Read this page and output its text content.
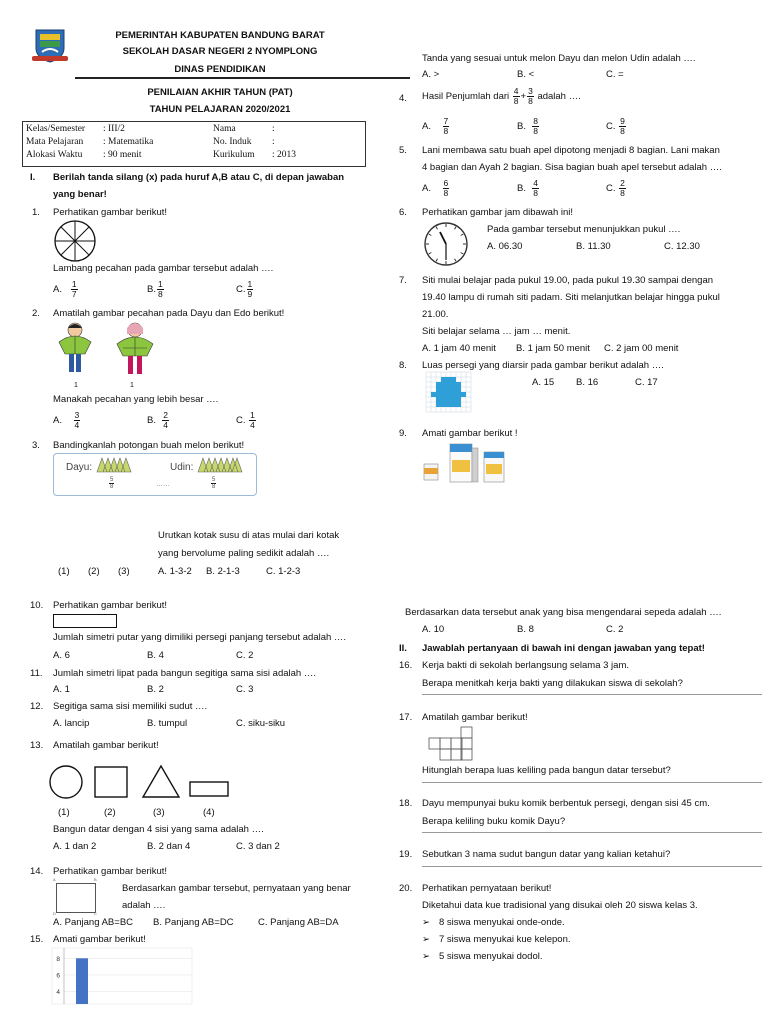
PEMERINTAH KABUPATEN BANDUNG BARAT
SEKOLAH DASAR NEGERI 2 NYOMPLONG
DINAS PENDIDIKAN
PENILAIAN AKHIR TAHUN (PAT)
TAHUN PELAJARAN 2020/2021
Kelas/Semester : III/2
Mata Pelajaran : Matematika
Alokasi Waktu : 90 menit
Nama	:
No. Induk :
Kurikulum : 2013
I. Berilah tanda silang (x) pada huruf A,B atau C, di depan jawaban
yang benar!
1. Perhatikan gambar berikut!
Lambang pecahan pada gambar tersebut adalah ….
A. $\frac{1}{7}$	B. $\frac{1}{8}$	C. $\frac{1}{9}$
2. Amatilah gambar pecahan pada Dayu dan Edo berikut!
1	1
Manakah pecahan yang lebih besar ….
A. $\frac{3}{4}$	B. $\frac{2}{4}$	C. $\frac{1}{4}$
3. Bandingkanlah potongan buah melon berikut!
Dayu:	Udin:
$\frac{5}{8}$	……	$\frac{5}{8}$
Urutkan kotak susu di atas mulai dari kotak
yang bervolume paling sedikit adalah ….
(1) (2) (3)	A. 1-3-2 B. 2-1-3	C. 1-2-3
10. Perhatikan gambar berikut!
Jumlah simetri putar yang dimiliki persegi panjang tersebut adalah ….
A. 6	B. 4	C. 2
11. Jumlah simetri lipat pada bangun segitiga sama sisi adalah ….
A. 1	B. 2	C. 3
12. Segitiga sama sisi memiliki sudut ….
A. lancip	B. tumpul	C. siku-siku
13. Amatilah gambar berikut!
(1)	(2)	(3)	(4)
Bangun datar dengan 4 sisi yang sama adalah ….
A. 1 dan 2	B. 2 dan 4	C. 3 dan 2
14. Perhatikan gambar berikut!
A	B
C
D
Berdasarkan gambar tersebut, pernyataan yang benar
adalah ….
A. Panjang AB=BC B. Panjang AB=DC	C. Panjang AB=DA
15. Amati gambar berikut!
8
6
4
Tanda yang sesuai untuk melon Dayu dan melon Udin adalah ….
A. >	B. <	C. =
4. Hasil Penjumlah dari $\frac{4}{8} + \frac{3}{8}$ adalah ….
A. $\frac{7}{8}$	B. $\frac{8}{8}$	C. $\frac{9}{8}$
5. Lani membawa satu buah apel dipotong menjadi 8 bagian. Lani makan
4 bagian dan Ayah 2 bagian. Sisa bagian buah apel tersebut adalah ….
A. $\frac{6}{8}$	B. $\frac{4}{8}$	C. $\frac{2}{8}$
6. Perhatikan gambar jam dibawah ini!
Pada gambar tersebut menunjukkan pukul ….
A. 06.30	B. 11.30	C. 12.30
7. Siti mulai belajar pada pukul 19.00, pada pukul 19.30 sampai dengan
19.40 lampu di rumah siti padam. Siti melanjutkan belajar hingga pukul
21.00.
Siti belajar selama … jam … menit.
A. 1 jam 40 menit B. 1 jam 50 menit C. 2 jam 00 menit
8. Luas persegi yang diarsir pada gambar berikut adalah ….
A. 15 B. 16	C. 17
9. Amati gambar berikut !
Berdasarkan data tersebut anak yang bisa mengendarai sepeda adalah ….
A. 10	B. 8	C. 2
II. Jawablah pertanyaan di bawah ini dengan jawaban yang tepat!
16. Kerja bakti di sekolah berlangsung selama 3 jam.
Berapa menitkah kerja bakti yang dilakukan siswa di sekolah?
17. Amatilah gambar berikut!
Hitunglah berapa luas keliling pada bangun datar tersebut?
18. Dayu mempunyai buku komik berbentuk persegi, dengan sisi 45 cm.
Berapa keliling buku komik Dayu?
19. Sebutkan 3 nama sudut bangun datar yang kalian ketahui?
20. Perhatikan pernyataan berikut!
Diketahui data kue tradisional yang disukai oleh 20 siswa kelas 3.
➢ 8 siswa menyukai onde-onde.
➢ 7 siswa menyukai kue kelepon.
➢ 5 siswa menyukai dodol.
